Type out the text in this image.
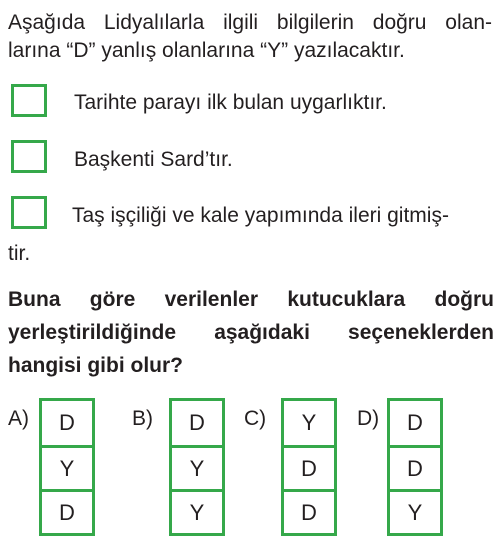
Aşağıda Lidyalılarla ilgili bilgilerin doğru olan-
larına “D” yanlış olanlarına “Y” yazılacaktır.
Tarihte parayı ilk bulan uygarlıktır.
Başkenti Sard’tır.
Taş işçiliği ve kale yapımında ileri gitmiş-
tir.
Buna göre verilenler kutucuklara doğru
yerleştirildiğinde aşağıdaki seçeneklerden
hangisi gibi olur?
A)	D
Y
D
B)	D
Y
Y
C)	Y
D
D
D)	D
D
Y
